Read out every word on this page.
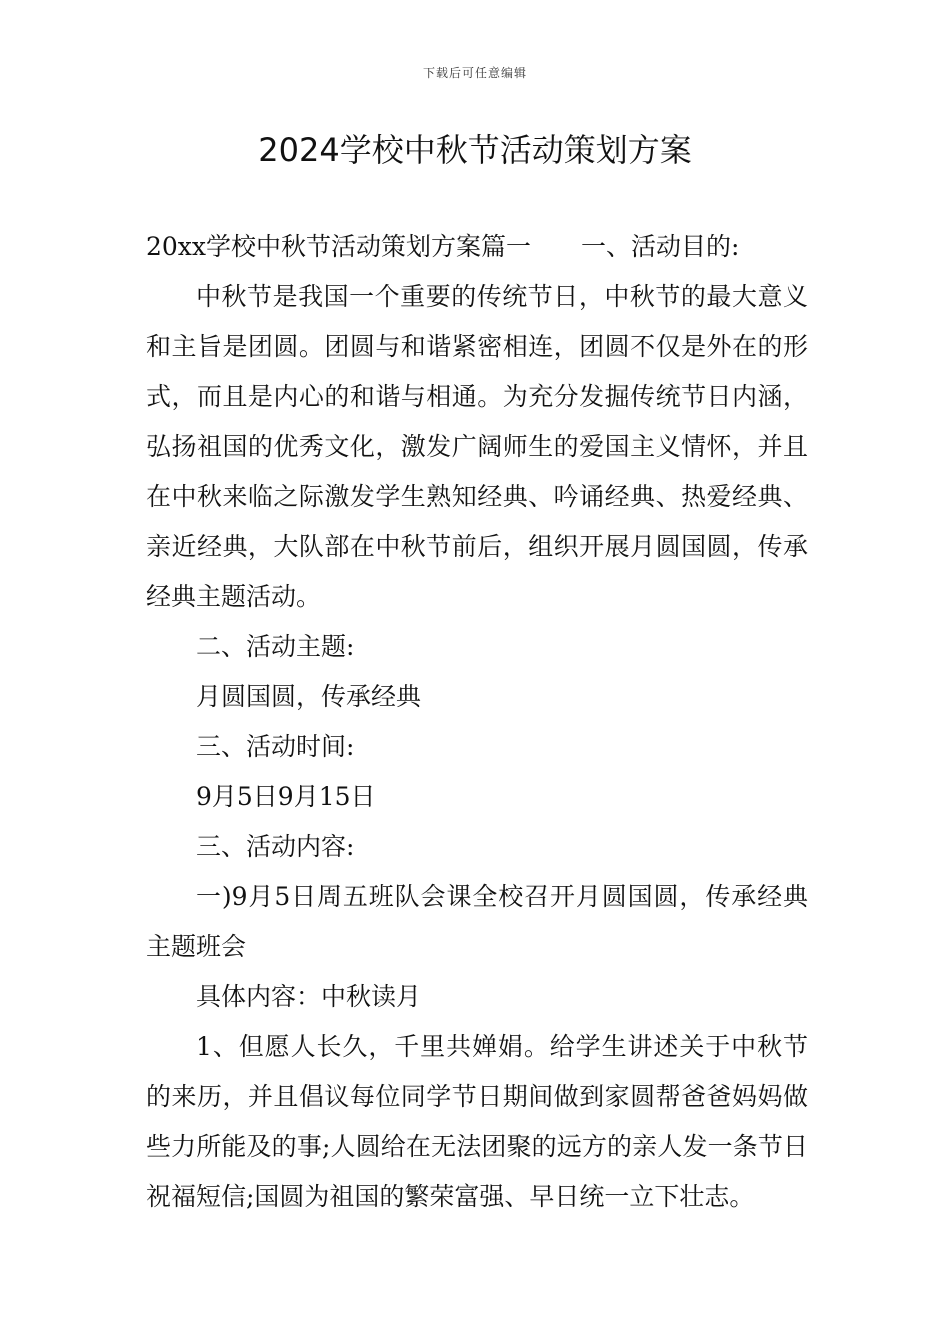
下载后可任意编辑
2024学校中秋节活动策划方案

20xx学校中秋节活动策划方案篇一　　一、活动目的:

中秋节是我国一个重要的传统节日，中秋节的最大意义和主旨是团圆。团圆与和谐紧密相连，团圆不仅是外在的形式，而且是内心的和谐与相通。为充分发掘传统节日内涵，弘扬祖国的优秀文化，激发广阔师生的爱国主义情怀，并且在中秋来临之际激发学生熟知经典、吟诵经典、热爱经典、亲近经典，大队部在中秋节前后，组织开展月圆国圆，传承经典主题活动。

二、活动主题:

月圆国圆，传承经典

三、活动时间:

9月5日9月15日

三、活动内容:

一)9月5日周五班队会课全校召开月圆国圆，传承经典主题班会

具体内容：中秋读月

1、但愿人长久，千里共婵娟。给学生讲述关于中秋节的来历，并且倡议每位同学节日期间做到家圆帮爸爸妈妈做些力所能及的事;人圆给在无法团聚的远方的亲人发一条节日祝福短信;国圆为祖国的繁荣富强、早日统一立下壮志。
